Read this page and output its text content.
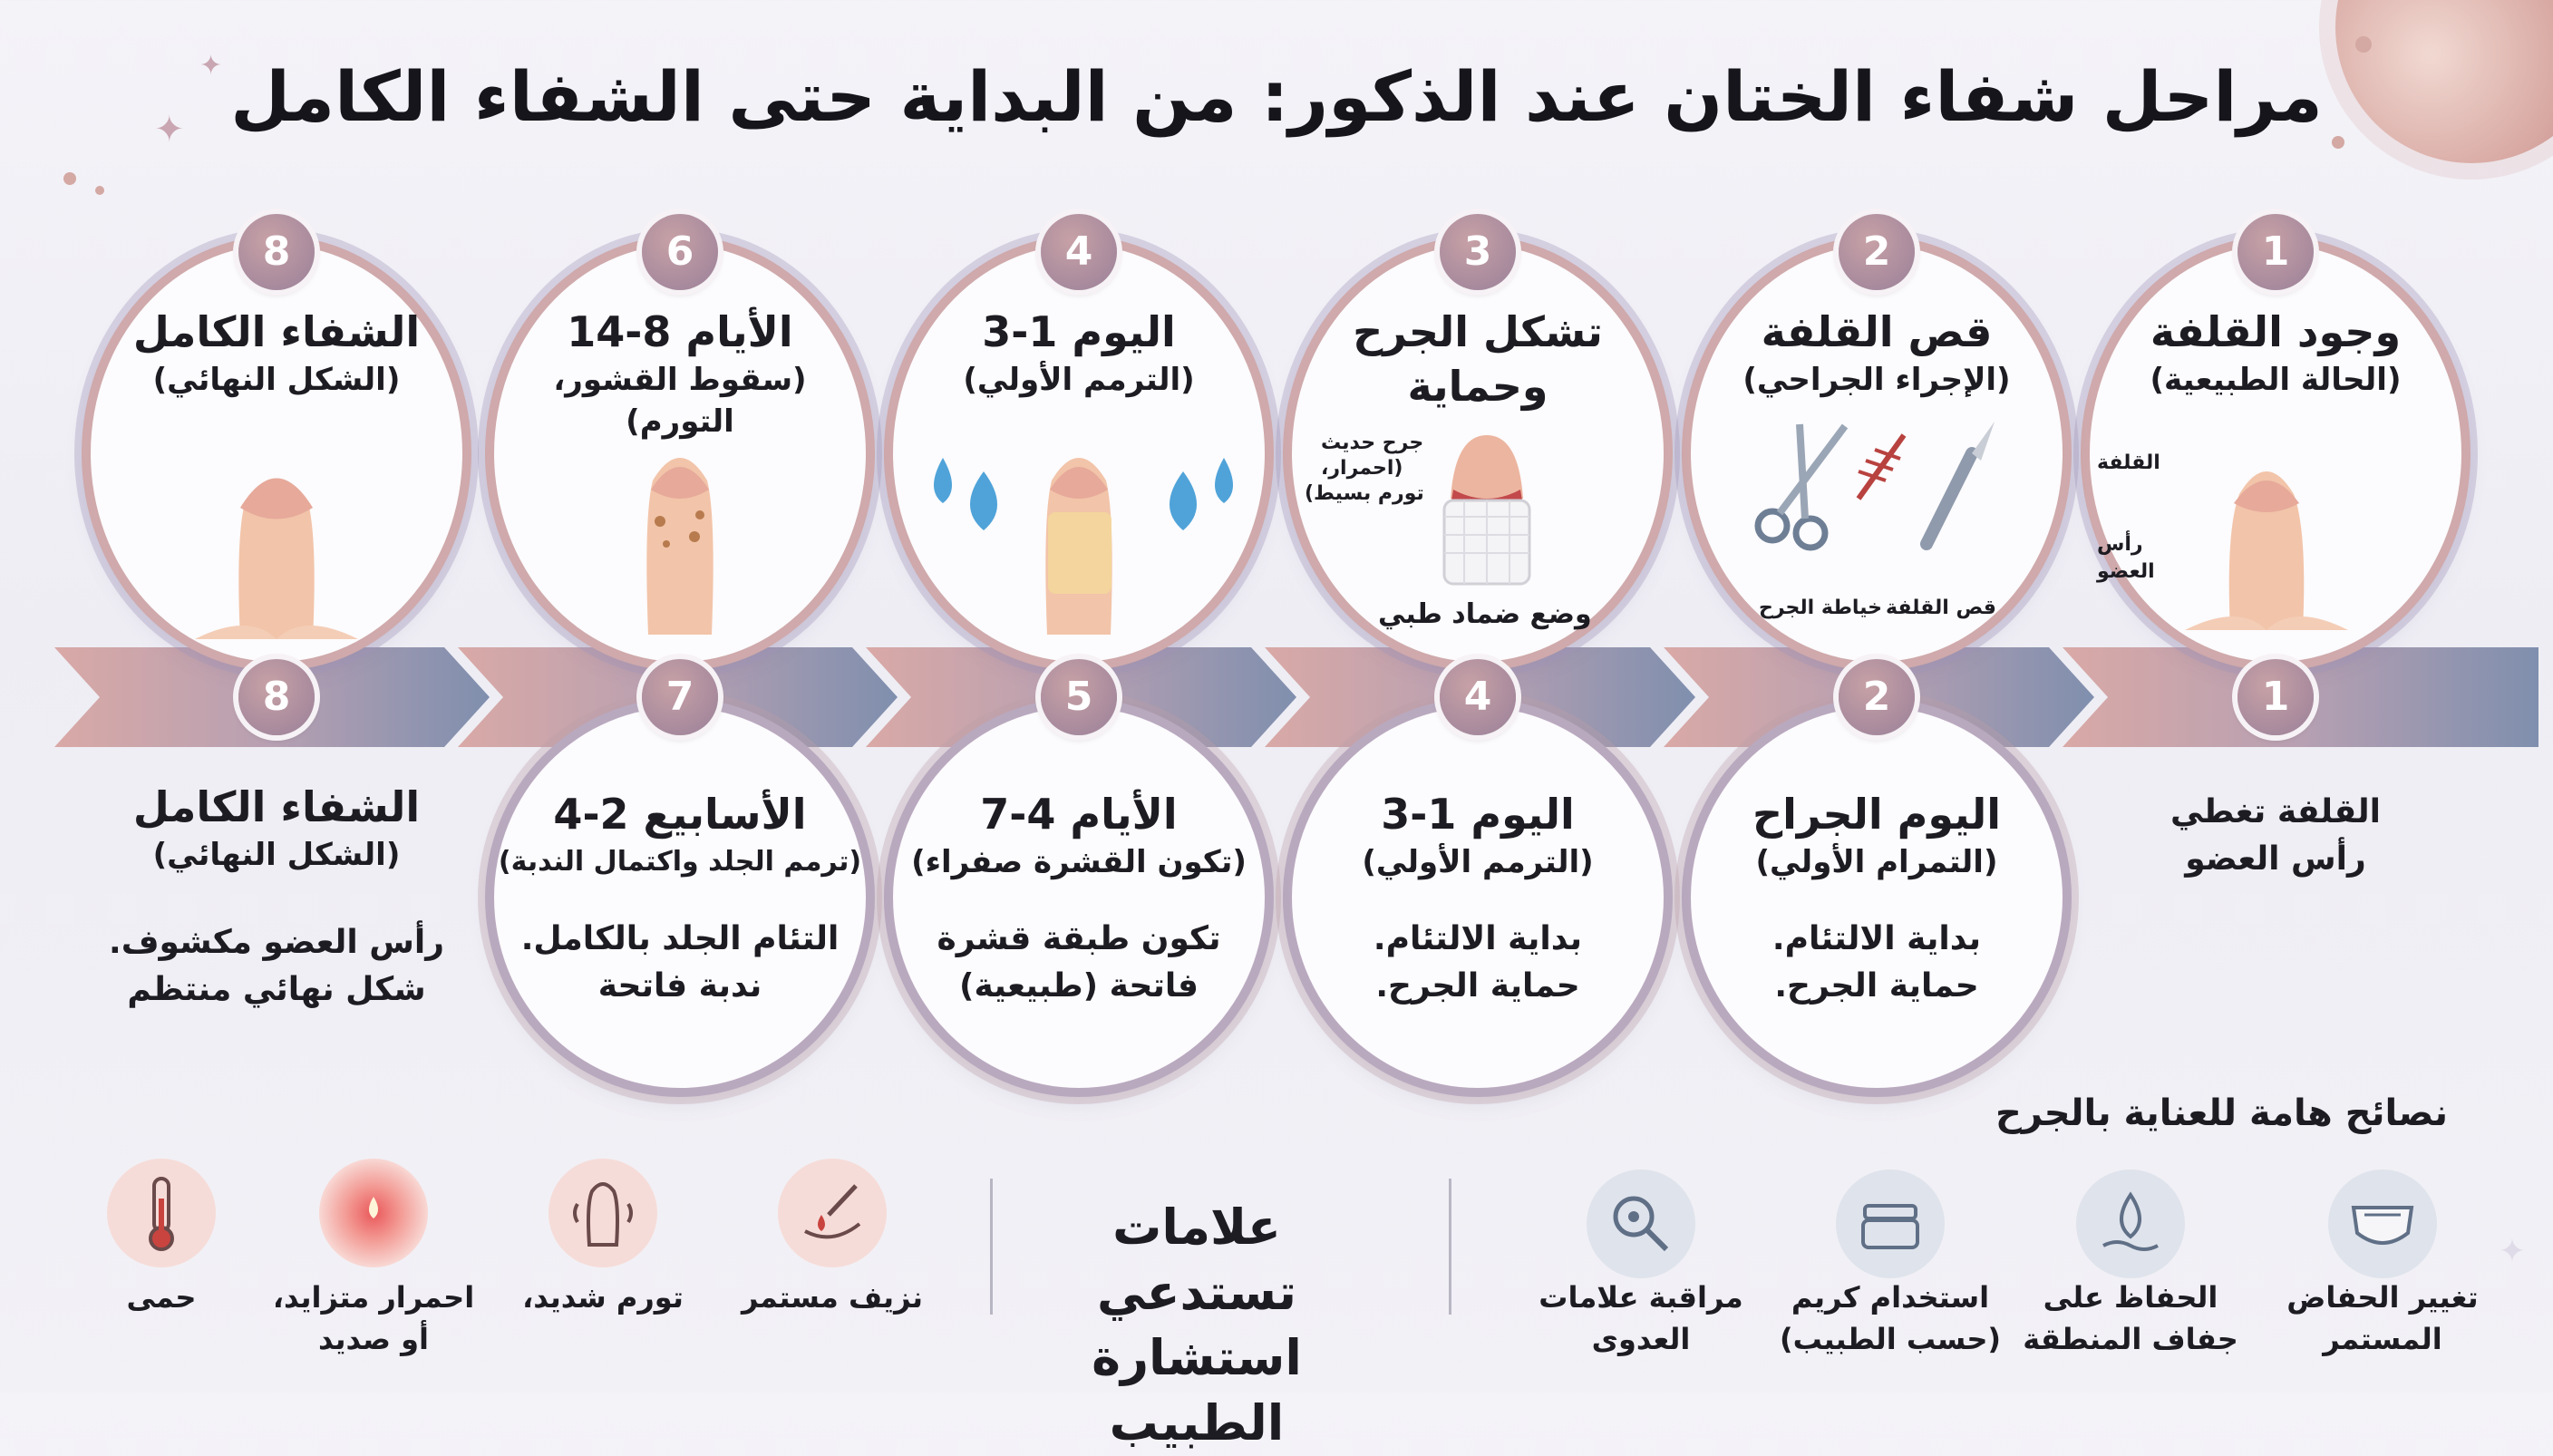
✦
✦
✦
مراحل شفاء الختان عند الذكور: من البداية حتى الشفاء الكامل
وجود القلفة
(الحالة الطبيعية)
القلفة
رأس
العضو
قص القلفة
(الإجراء الجراحي)
خياطة الجرح قص القلفة
تشكل الجرح
وحماية
جرح حديث
(احمرار،
تورم بسيط)
وضع ضماد طبي
اليوم 1-3
(الترمم الأولي)
الأيام 8-14
(سقوط القشور، التورم)
الشفاء الكامل
(الشكل النهائي)
1
2
3
4
6
8
القلفة تغطي
رأس العضو
اليوم الجراح
(التمرام الأولي)
بداية الالتئام.
حماية الجرح.
اليوم 1-3
(الترمم الأولي)
بداية الالتئام.
حماية الجرح.
الأيام 4-7
(تكون القشرة صفراء)
تكون طبقة قشرة
فاتحة (طبيعية)
الأسابيع 2-4
(ترمم الجلد واكتمال الندبة)
التئام الجلد بالكامل.
ندبة فاتحة
الشفاء الكامل
(الشكل النهائي)
رأس العضو مكشوف.
شكل نهائي منتظم
1
2
4
5
7
8
نصائح هامة للعناية بالجرح
تغيير الحفاض
المستمر
الحفاظ على
جفاف المنطقة
استخدام كريم
(حسب الطبيب)
مراقبة علامات
العدوى
علامات تستدعي
استشارة الطبيب
نزيف مستمر
تورم شديد،
احمرار متزايد،
أو صديد
حمى
